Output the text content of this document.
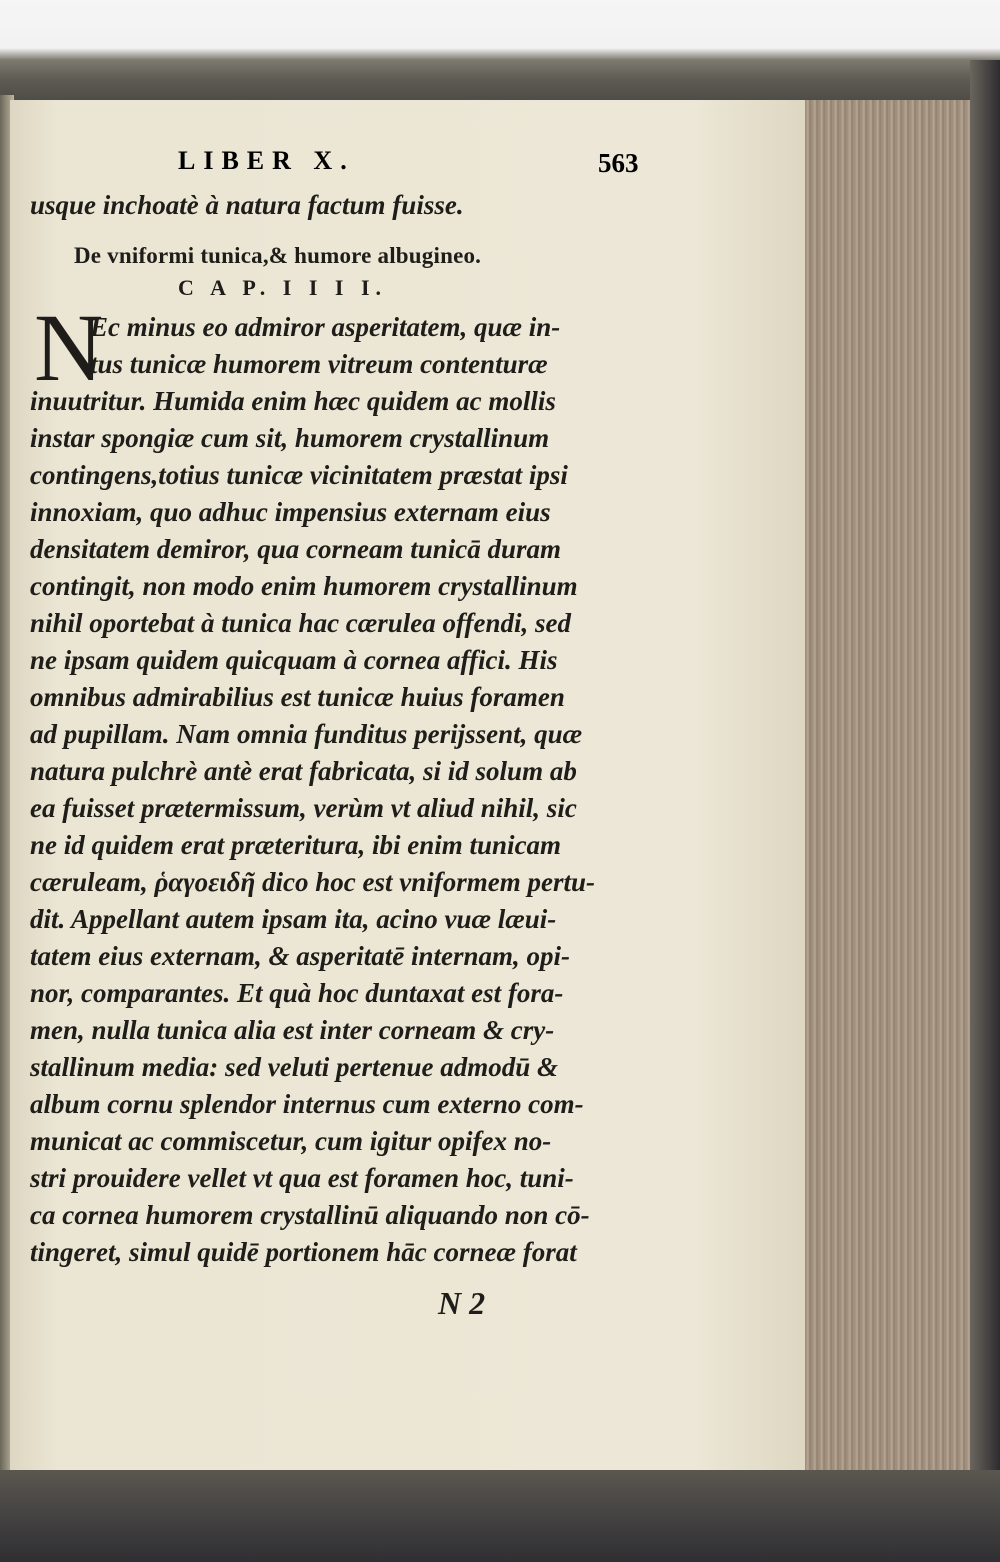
LIBER X.	563
usque inchoatè à natura factum fuisse.
De vniformi tunica,& humore albugineo.
C A P. I I I I.
N
Ec minus eo admiror asperitatem, quæ in-
tus tunicæ humorem vitreum contenturæ
inuutritur. Humida enim hæc quidem ac mollis
instar spongiæ cum sit, humorem crystallinum
contingens,totius tunicæ vicinitatem præstat ipsi
innoxiam, quo adhuc impensius externam eius
densitatem demiror, qua corneam tunicā duram
contingit, non modo enim humorem crystallinum
nihil oportebat à tunica hac cærulea offendi, sed
ne ipsam quidem quicquam à cornea affici. His
omnibus admirabilius est tunicæ huius foramen
ad pupillam. Nam omnia funditus perijssent, quæ
natura pulchrè antè erat fabricata, si id solum ab
ea fuisset prætermissum, verùm vt aliud nihil, sic
ne id quidem erat præteritura, ibi enim tunicam
cæruleam, ῥαγοειδῆ dico hoc est vniformem pertu-
dit. Appellant autem ipsam ita, acino vuæ læui-
tatem eius externam, & asperitatē internam, opi-
nor, comparantes. Et quà hoc duntaxat est fora-
men, nulla tunica alia est inter corneam & cry-
stallinum media: sed veluti pertenue admodū &
album cornu splendor internus cum externo com-
municat ac commiscetur, cum igitur opifex no-
stri prouidere vellet vt qua est foramen hoc, tuni-
ca cornea humorem crystallinū aliquando non cō-
tingeret, simul quidē portionem hāc corneæ forat
N 2
